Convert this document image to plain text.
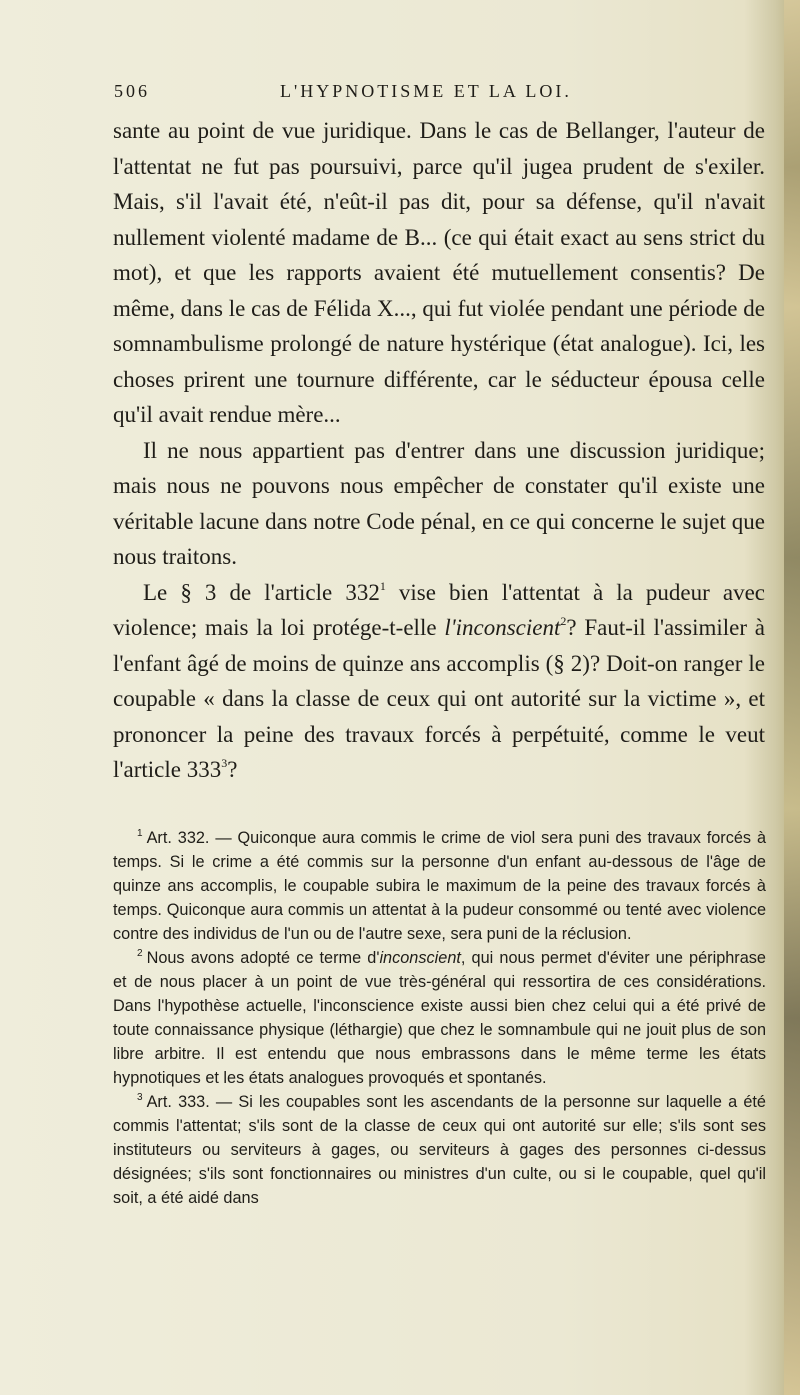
506	L'HYPNOTISME ET LA LOI.

sante au point de vue juridique. Dans le cas de Bellanger, l'auteur de l'attentat ne fut pas poursuivi, parce qu'il jugea prudent de s'exiler. Mais, s'il l'avait été, n'eût-il pas dit, pour sa défense, qu'il n'avait nullement violenté madame de B... (ce qui était exact au sens strict du mot), et que les rapports avaient été mutuellement consentis? De même, dans le cas de Félida X..., qui fut violée pendant une période de somnambulisme prolongé de nature hystérique (état analogue). Ici, les choses prirent une tournure différente, car le séducteur épousa celle qu'il avait rendue mère...

Il ne nous appartient pas d'entrer dans une discussion juridique; mais nous ne pouvons nous empêcher de constater qu'il existe une véritable lacune dans notre Code pénal, en ce qui concerne le sujet que nous traitons.

Le § 3 de l'article $332^1$ vise bien l'attentat à la pudeur avec violence; mais la loi protége-t-elle l'inconscient$^2$? Faut-il l'assimiler à l'enfant âgé de moins de quinze ans accomplis (§ 2)? Doit-on ranger le coupable « dans la classe de ceux qui ont autorité sur la victime », et prononcer la peine des travaux forcés à perpétuité, comme le veut l'article $333^3$?

$^1$ Art. 332. — Quiconque aura commis le crime de viol sera puni des travaux forcés à temps. Si le crime a été commis sur la personne d'un enfant au-dessous de l'âge de quinze ans accomplis, le coupable subira le maximum de la peine des travaux forcés à temps. Quiconque aura commis un attentat à la pudeur consommé ou tenté avec violence contre des individus de l'un ou de l'autre sexe, sera puni de la réclusion.

$^2$ Nous avons adopté ce terme d'inconscient, qui nous permet d'éviter une périphrase et de nous placer à un point de vue très-général qui ressortira de ces considérations. Dans l'hypothèse actuelle, l'inconscience existe aussi bien chez celui qui a été privé de toute connaissance physique (léthargie) que chez le somnambule qui ne jouit plus de son libre arbitre. Il est entendu que nous embrassons dans le même terme les états hypnotiques et les états analogues provoqués et spontanés.

$^3$ Art. 333. — Si les coupables sont les ascendants de la personne sur laquelle a été commis l'attentat; s'ils sont de la classe de ceux qui ont autorité sur elle; s'ils sont ses instituteurs ou serviteurs à gages, ou serviteurs à gages des personnes ci-dessus désignées; s'ils sont fonctionnaires ou ministres d'un culte, ou si le coupable, quel qu'il soit, a été aidé dans
